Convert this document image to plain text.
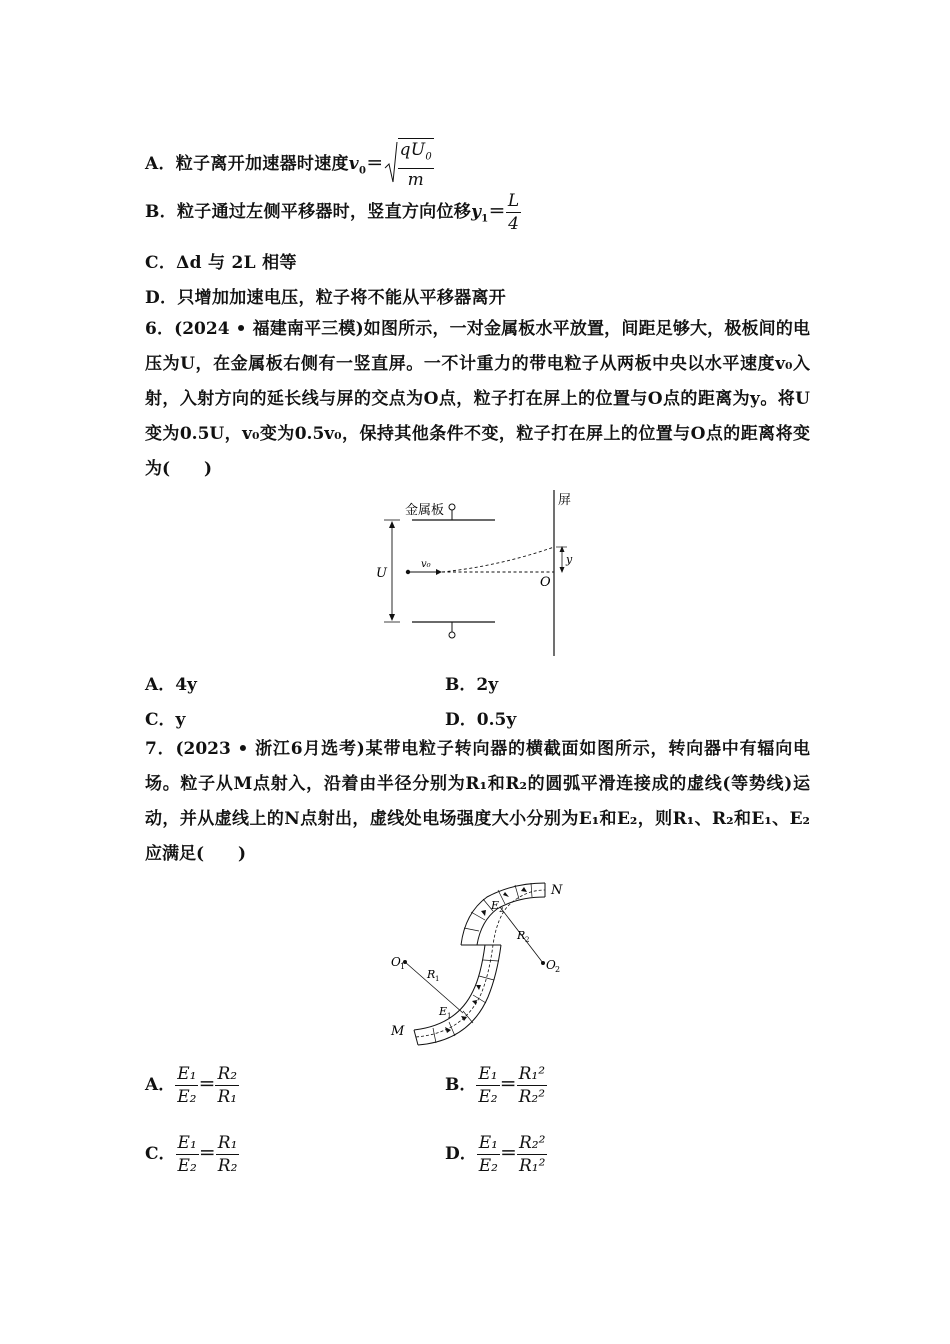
A．粒子离开加速器时速度$v_0= \frac{qU_0}{m}$
B．粒子通过左侧平移器时，竖直方向位移$y_1= \frac{L}{4}$
C．Δd 与 2L 相等
D．只增加加速电压，粒子将不能从平移器离开
6．(2024 • 福建南平三模)如图所示，一对金属板水平放置，间距足够大，极板间的电压为U，在金属板右侧有一竖直屏。一不计重力的带电粒子从两板中央以水平速度v₀入射，入射方向的延长线与屏的交点为O点，粒子打在屏上的位置与O点的距离为y。将U变为0.5U，v₀变为0.5v₀，保持其他条件不变，粒子打在屏上的位置与O点的距离将变为(　　)
金属板
屏
U
v₀
O
y
A．4y	B．2y
C．y	D．0.5y
7．(2023 • 浙江6月选考)某带电粒子转向器的横截面如图所示，转向器中有辐向电场。粒子从M点射入，沿着由半径分别为R₁和R₂的圆弧平滑连接成的虚线(等势线)运动，并从虚线上的N点射出，虚线处电场强度大小分别为E₁和E₂，则R₁、R₂和E₁、E₂应满足(　　)
O 1	O 2
R 1
R 2
E 1
E 2
M
N
A． $\frac{\text{E₁}}{\text{E₂}} = \frac{\text{R₂}}{\text{R₁}}$	B． $\frac{\text{E₁}}{\text{E₂}} = \frac{\text{R₁²}}{\text{R₂²}}$
C． $\frac{\text{E₁}}{\text{E₂}} = \frac{\text{R₁}}{\text{R₂}}$	D． $\frac{\text{E₁}}{\text{E₂}} = \frac{\text{R₂²}}{\text{R₁²}}$
